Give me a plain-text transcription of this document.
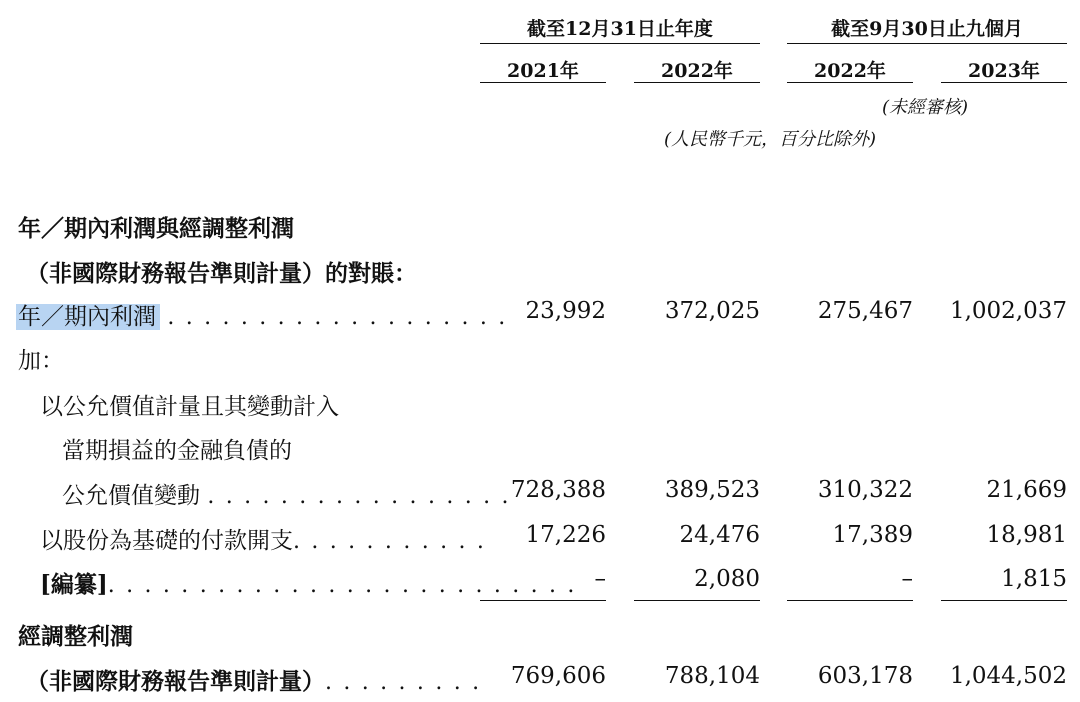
截至12月31日止年度	截至9月30日止九個月
2021年	2022年	2022年	2023年
(未經審核)
(人民幣千元，百分比除外)
年／期內利潤與經調整利潤
（非國際財務報告準則計量）的對賬：
年／期內利潤 . . . . . . . . . . . . . . . . . . . 23,992	372,025	275,467 1,002,037
加：
以公允價值計量且其變動計入
當期損益的金融負債的
公允價值變動 . . . . . . . . . . . . . . . . . 728,388	389,523	310,322	21,669
以股份為基礎的付款開支. . . . . . . . . . . 17,226	24,476	17,389	18,981
[編纂]. . . . . . . . . . . . . . . . . . . . . . . . . . –	2,080	–	1,815
經調整利潤
（非國際財務報告準則計量）. . . . . . . . . 769,606	788,104	603,178 1,044,502
